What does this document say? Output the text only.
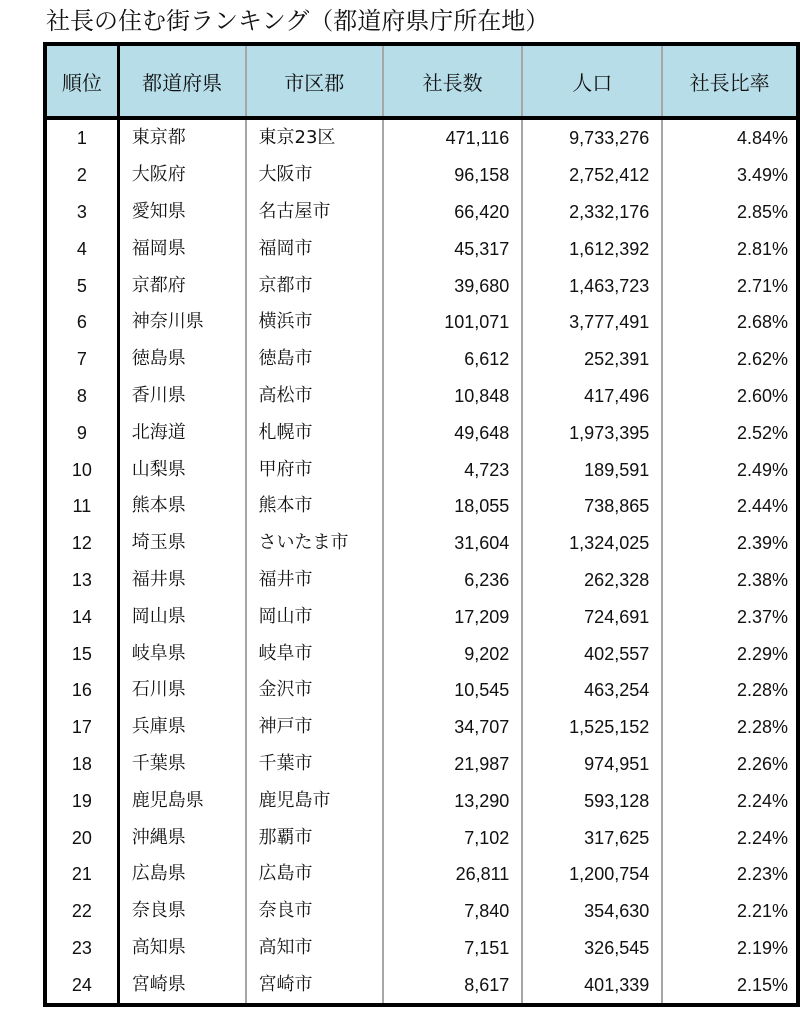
社長の住む街ランキング（都道府県庁所在地）
順位	都道府県	市区郡	社長数	人口	社長比率
1	東京都	東京23区	471,116	9,733,276	4.84%
2	大阪府	大阪市	96,158	2,752,412	3.49%
3	愛知県	名古屋市	66,420	2,332,176	2.85%
4	福岡県	福岡市	45,317	1,612,392	2.81%
5	京都府	京都市	39,680	1,463,723	2.71%
6	神奈川県	横浜市	101,071	3,777,491	2.68%
7	徳島県	徳島市	6,612	252,391	2.62%
8	香川県	高松市	10,848	417,496	2.60%
9	北海道	札幌市	49,648	1,973,395	2.52%
10	山梨県	甲府市	4,723	189,591	2.49%
11	熊本県	熊本市	18,055	738,865	2.44%
12	埼玉県	さいたま市	31,604	1,324,025	2.39%
13	福井県	福井市	6,236	262,328	2.38%
14	岡山県	岡山市	17,209	724,691	2.37%
15	岐阜県	岐阜市	9,202	402,557	2.29%
16	石川県	金沢市	10,545	463,254	2.28%
17	兵庫県	神戸市	34,707	1,525,152	2.28%
18	千葉県	千葉市	21,987	974,951	2.26%
19	鹿児島県	鹿児島市	13,290	593,128	2.24%
20	沖縄県	那覇市	7,102	317,625	2.24%
21	広島県	広島市	26,811	1,200,754	2.23%
22	奈良県	奈良市	7,840	354,630	2.21%
23	高知県	高知市	7,151	326,545	2.19%
24	宮崎県	宮崎市	8,617	401,339	2.15%
